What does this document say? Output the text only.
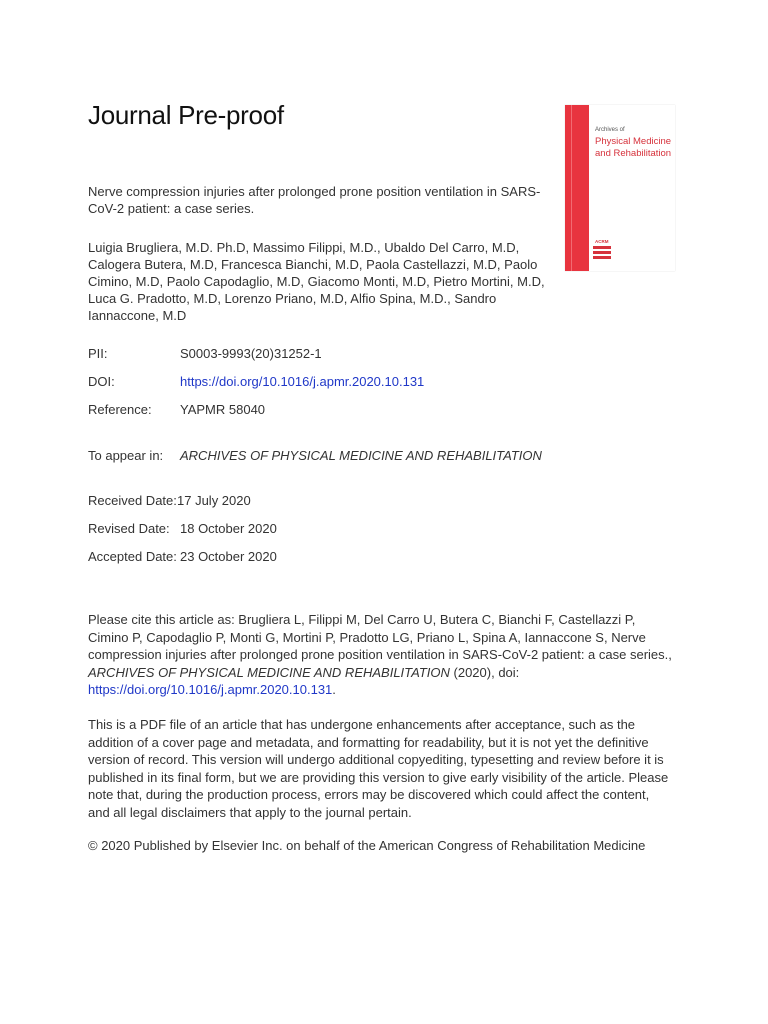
Journal Pre-proof
Nerve compression injuries after prolonged prone position ventilation in SARS-CoV-2 patient: a case series.
Luigia Brugliera, M.D. Ph.D, Massimo Filippi, M.D., Ubaldo Del Carro, M.D, Calogera Butera, M.D, Francesca Bianchi, M.D, Paola Castellazzi, M.D, Paolo Cimino, M.D, Paolo Capodaglio, M.D, Giacomo Monti, M.D, Pietro Mortini, M.D, Luca G. Pradotto, M.D, Lorenzo Priano, M.D, Alfio Spina, M.D., Sandro Iannaccone, M.D
Archives of
Physical Medicine and Rehabilitation
ACRM
PII:	S0003-9993(20)31252-1
DOI:	https://doi.org/10.1016/j.apmr.2020.10.131
Reference: YAPMR 58040
To appear in: ARCHIVES OF PHYSICAL MEDICINE AND REHABILITATION
Received Date: 17 July 2020
Revised Date: 18 October 2020
Accepted Date: 23 October 2020
Please cite this article as: Brugliera L, Filippi M, Del Carro U, Butera C, Bianchi F, Castellazzi P, Cimino P, Capodaglio P, Monti G, Mortini P, Pradotto LG, Priano L, Spina A, Iannaccone S, Nerve compression injuries after prolonged prone position ventilation in SARS-CoV-2 patient: a case series., ARCHIVES OF PHYSICAL MEDICINE AND REHABILITATION (2020), doi: https://doi.org/10.1016/j.apmr.2020.10.131.
This is a PDF file of an article that has undergone enhancements after acceptance, such as the addition of a cover page and metadata, and formatting for readability, but it is not yet the definitive version of record. This version will undergo additional copyediting, typesetting and review before it is published in its final form, but we are providing this version to give early visibility of the article. Please note that, during the production process, errors may be discovered which could affect the content, and all legal disclaimers that apply to the journal pertain.
© 2020 Published by Elsevier Inc. on behalf of the American Congress of Rehabilitation Medicine
